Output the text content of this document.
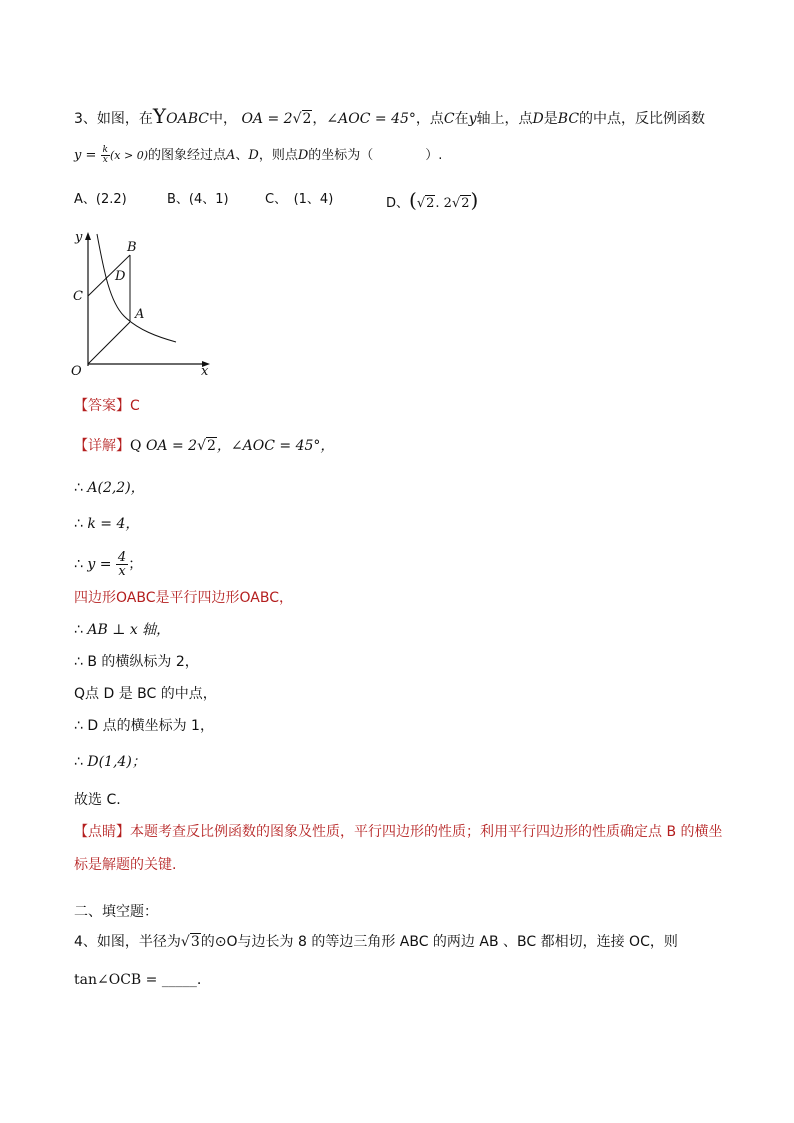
3、如图，在YOABC中， OA = 2√2，∠AOC = 45°，点C在y轴上，点D是BC的中点，反比例函数
$y = \frac{k}{x} (x > 0)$的图象经过点A、D，则点D的坐标为（　　　　）.
A、(2.2)	B、(4、1)	C、　(1、4)	D、(√2. 2√2)
y
B
D
C
A
O	x
【答案】C
【详解】Q OA = 2√2，∠AOC = 45°，
∴ A(2,2)，
∴ k = 4，
∴ $y = \frac{4}{x}$ ；
四边形OABC是平行四边形OABC，
∴ AB ⊥ x 轴，
∴ B 的横纵标为 2，
Q点 D 是 BC 的中点，
∴ D 点的横坐标为 1，
∴ D(1,4)；
故选 C.
【点睛】本题考查反比例函数的图象及性质，平行四边形的性质；利用平行四边形的性质确定点 B 的横坐
标是解题的关键.
二、填空题：
4、如图，半径为√3的⊙O与边长为 8 的等边三角形 ABC 的两边 AB 、BC 都相切，连接 OC，则
tan∠OCB = _____.
